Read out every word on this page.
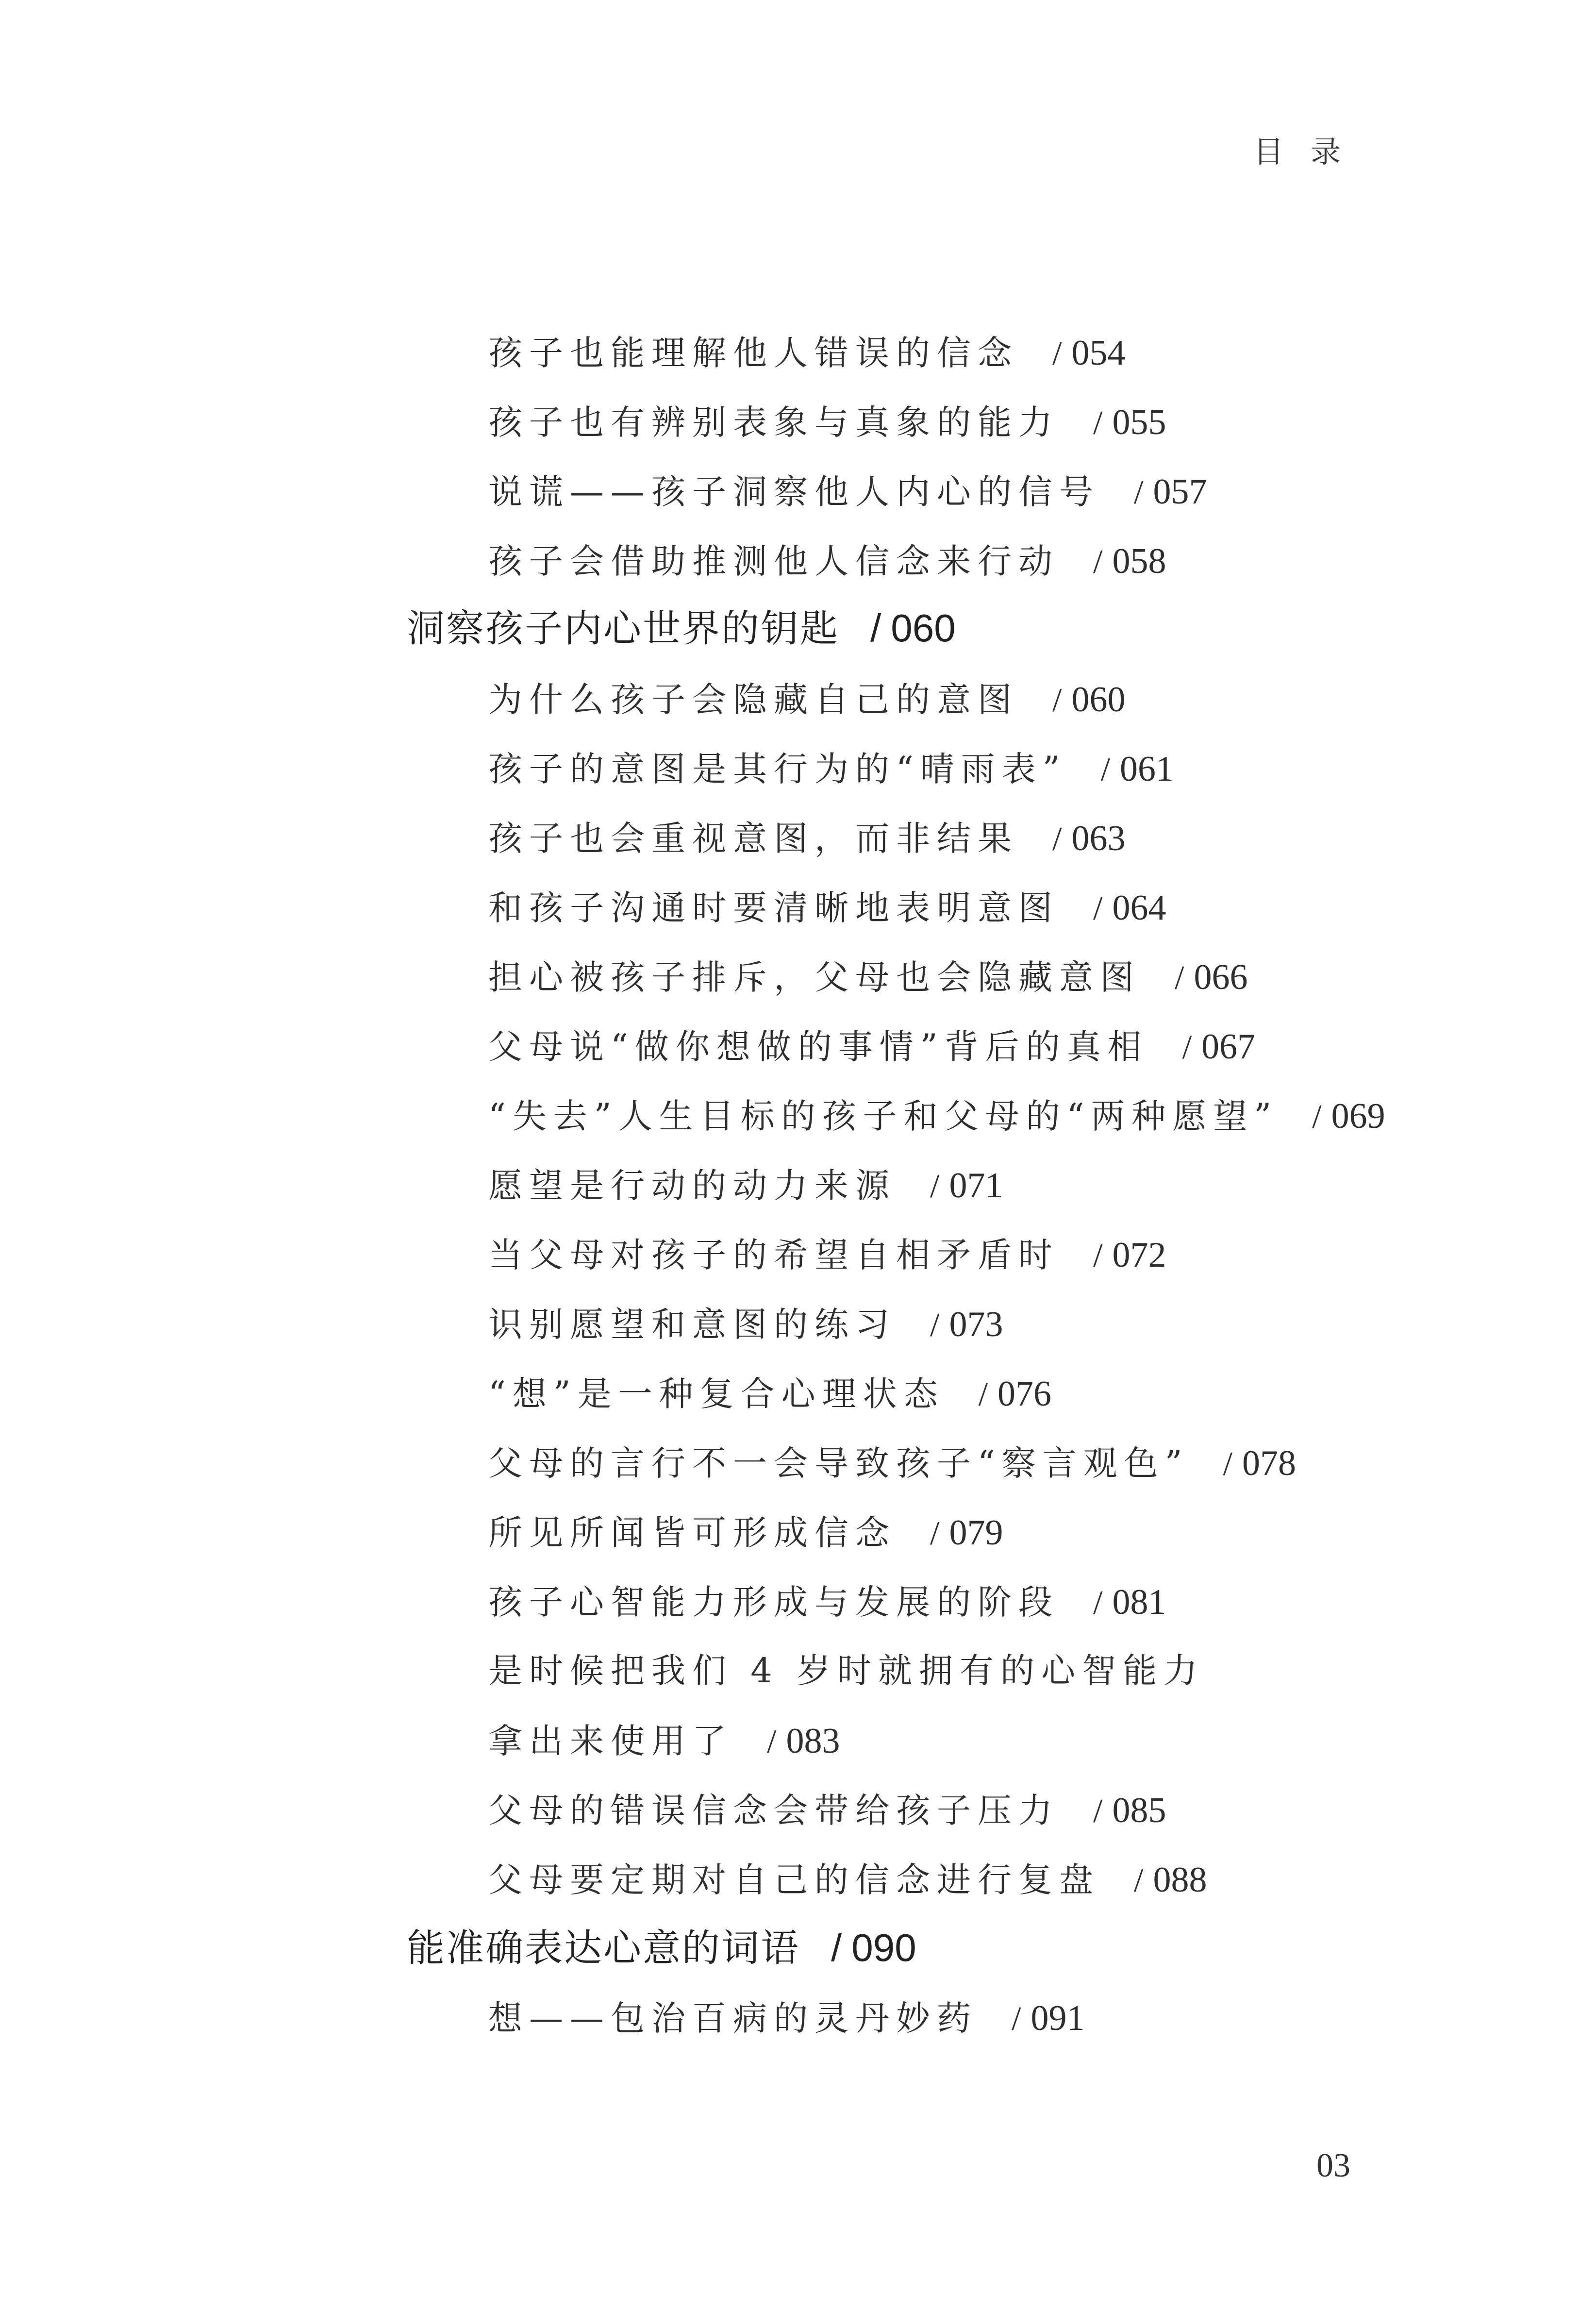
目 录
孩子也能理解他人错误的信念 / 054
孩子也有辨别表象与真象的能力 / 055
说谎——孩子洞察他人内心的信号 / 057
孩子会借助推测他人信念来行动 / 058
洞察孩子内心世界的钥匙 / 060
为什么孩子会隐藏自己的意图 / 060
孩子的意图是其行为的“晴雨表” / 061
孩子也会重视意图，而非结果 / 063
和孩子沟通时要清晰地表明意图 / 064
担心被孩子排斥，父母也会隐藏意图 / 066
父母说“做你想做的事情”背后的真相 / 067
“失去”人生目标的孩子和父母的“两种愿望” / 069
愿望是行动的动力来源 / 071
当父母对孩子的希望自相矛盾时 / 072
识别愿望和意图的练习 / 073
“想”是一种复合心理状态 / 076
父母的言行不一会导致孩子“察言观色” / 078
所见所闻皆可形成信念 / 079
孩子心智能力形成与发展的阶段 / 081
是时候把我们 4 岁时就拥有的心智能力
拿出来使用了 / 083
父母的错误信念会带给孩子压力 / 085
父母要定期对自己的信念进行复盘 / 088
能准确表达心意的词语 / 090
想——包治百病的灵丹妙药 / 091
03
